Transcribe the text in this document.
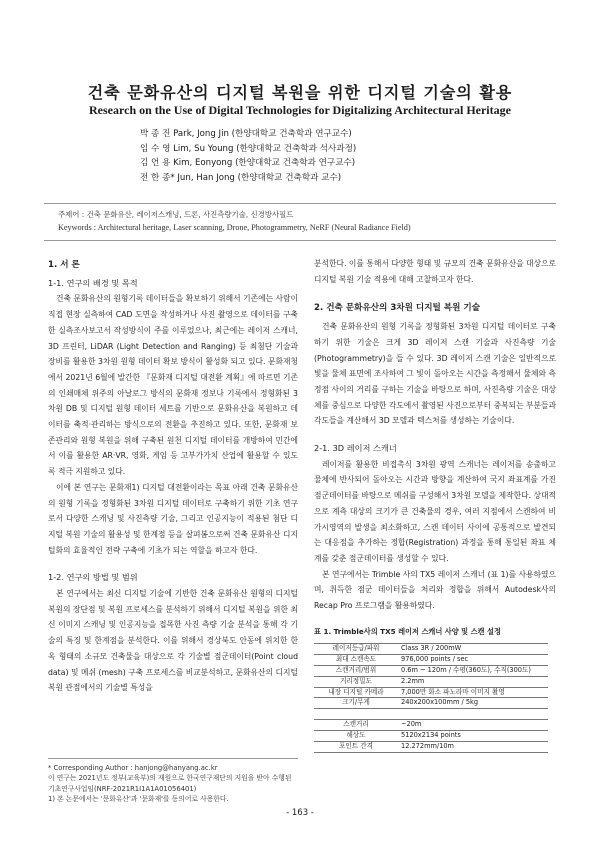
건축 문화유산의 디지털 복원을 위한 디지털 기술의 활용
Research on the Use of Digital Technologies for Digitalizing Architectural Heritage
박 종 진 Park, Jong Jin (한양대학교 건축학과 연구교수)
임 수 영 Lim, Su Young (한양대학교 건축학과 석사과정)
김 언 용 Kim, Eonyong (한양대학교 건축학과 연구교수)
전 한 종* Jun, Han Jong (한양대학교 건축학과 교수)
주제어 : 건축 문화유산, 레이저스캐닝, 드론, 사진측량기술, 신경방사필드
Keywords : Architectural heritage, Laser scanning, Drone, Photogrammetry, NeRF (Neural Radiance Field)
1. 서 론
1-1. 연구의 배경 및 목적

건축 문화유산의 원형기록 데이터들을 확보하기 위해서 기존에는 사람이 직접 현장 실측하여 CAD 도면을 작성하거나 사진 촬영으로 데이터를 구축한 실측조사보고서 작성방식이 주를 이루었으나, 최근에는 레이저 스캐너, 3D 프린터, LiDAR (Light Detection and Ranging) 등 최첨단 기술과 장비를 활용한 3차원 원형 데이터 확보 방식이 활성화 되고 있다. 문화재청에서 2021년 6월에 발간한 『문화재 디지털 대전환 계획』에 따르면 기존의 인쇄매체 위주의 아날로그 방식의 문화재 정보나 기록에서 정형화된 3차원 DB 및 디지털 원형 데이터 세트를 기반으로 문화유산을 복원하고 데이터를 축적·관리하는 방식으로의 전환을 추진하고 있다. 또한, 문화재 보존관리와 원형 복원을 위해 구축된 원천 디지털 데이터를 개방하여 민간에서 이를 활용한 AR·VR, 영화, 게임 등 고부가가치 산업에 활용할 수 있도록 적극 지원하고 있다.

이에 본 연구는 문화재1) 디지털 대전환이라는 목표 아래 건축 문화유산의 원형 기록을 정형화된 3차원 디지털 데이터로 구축하기 위한 기초 연구로서 다양한 스캐닝 및 사진측량 기술, 그리고 인공지능이 적용된 첨단 디지털 복원 기술의 활용성 및 한계점 등을 살펴봄으로써 건축 문화유산 디지털화의 효율적인 전략 구축에 기초가 되는 역할을 하고자 한다.

1-2. 연구의 방법 및 범위

본 연구에서는 최신 디지털 기술에 기반한 건축 문화유산 원형의 디지털 복원의 장단점 및 복원 프로세스를 분석하기 위해서 디지털 복원을 위한 최신 이미지 스캐닝 및 인공지능을 접목한 사진 측량 기술 분석을 통해 각 기술의 특징 및 한계점을 분석한다. 이를 위해서 경상북도 안동에 위치한 한옥 형태의 소규모 건축물을 대상으로 각 기술별 점군데이터(Point cloud data) 및 메쉬 (mesh) 구축 프로세스를 비교분석하고, 문화유산의 디지털 복원 관점에서의 기술별 특성을

* Corresponding Author : hanjong@hanyang.ac.kr
이 연구는 2021년도 정부(교육부)의 재원으로 한국연구재단의 지원을 받아 수행된 기초연구사업임(NRF-2021R1I1A1A01056401)
1) 본 논문에서는 '문화유산'과 '문화재'를 동의어로 사용한다.

분석한다. 이를 통해서 다양한 형태 및 규모의 건축 문화유산을 대상으로 디지털 복원 기술 적용에 대해 고찰하고자 한다.

2. 건축 문화유산의 3차원 디지털 복원 기술

건축 문화유산의 원형 기록을 정형화된 3차원 디지털 데이터로 구축하기 위한 기술은 크게 3D 레이저 스캔 기술과 사진측량 기술 (Photogrammetry)을 들 수 있다. 3D 레이저 스캔 기술은 일반적으로 빛을 물체 표면에 조사하여 그 빛이 돌아오는 시간을 측정해서 물체와 측정점 사이의 거리를 구하는 기술을 바탕으로 하며, 사진측량 기술은 대상체를 중심으로 다양한 각도에서 촬영된 사진으로부터 중복되는 부분들과 각도들을 계산해서 3D 모델과 텍스처를 생성하는 기술이다.

2-1. 3D 레이저 스캐너

레이저를 활용한 비접촉식 3차원 광역 스캐너는 레이저를 송출하고 물체에 반사되어 돌아오는 시간과 방향을 계산하여 국지 좌표계를 가진 점군데이터를 바탕으로 메쉬를 구성해서 3차원 모델을 제작한다. 상대적으로 계측 대상의 크기가 큰 건축물의 경우, 여러 지점에서 스캔하여 비가시영역의 발생을 최소화하고, 스캔 데이터 사이에 공통적으로 발견되는 대응점을 추가하는 정합(Registration) 과정을 통해 통일된 좌표 체계를 갖춘 점군데이터를 생성할 수 있다.

본 연구에서는 Trimble 사의 TX5 레이저 스캐너 (표 1)를 사용하였으며, 취득한 점군 데이터들을 처리와 정합을 위해서 Autodesk사의 Recap Pro 프로그램을 활용하였다.

표 1. Trimble사의 TX5 레이저 스캐너 사양 및 스캔 설정
레이저등급/파워	Class 3R / 200mW
최대 스캔속도	976,000 points / sec
스캔거리/범위	0.6m ~ 120m / 수평(360도), 수직(300도)
거리정밀도	2.2mm
내장 디지털 카메라	7,000만 화소 파노라마 이미지 촬영
크기/무게	240x200x100mm / 5kg

스캔거리	~20m
해상도	5120x2134 points
포인트 간격	12.272mm/10m
- 163 -
